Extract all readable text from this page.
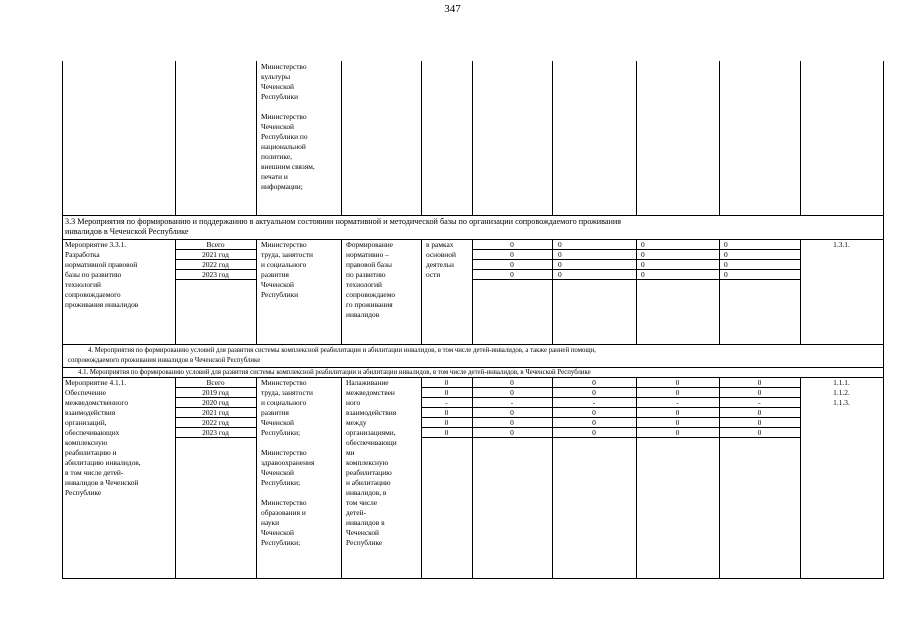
347
Министерство
культуры
Чеченской
Республики
Министерство
Чеченской
Республики по
национальной
политике,
внешним связям,
печати и
информации;
3.3 Мероприятия по формированию и поддержанию в актуальном состоянии нормативной и методической базы по организации сопровождаемого проживания
инвалидов в Чеченской Республике
Мероприятие 3.3.1.
Разработка
нормативной правовой
базы по развитию
технологий
сопровождаемого
проживания инвалидов
Всего
2021 год
2022 год
2023 год
Министерство
труда, занятости
и социального
развития
Чеченской
Республики
Формирование
нормативно –
правовой базы
по развитию
технологий
сопровождаемо
го проживания
инвалидов
в рамках
основной
деятельн
ости
0
0
0
0
0
0
0
0
0
0
0
0
0
0
0
0
1.3.1.
4. Мероприятия по формированию условий для развития системы комплексной реабилитации и абилитации инвалидов, в том числе детей-инвалидов, а также ранней помощи,
сопровождаемого проживания инвалидов в Чеченской Республике
4.1. Мероприятия по формированию условий для развития системы комплексной реабилитации и абилитации инвалидов, в том числе детей-инвалидов, в Чеченской Республике
Мероприятие 4.1.1.
Обеспечение
межведомственного
взаимодействия
организаций,
обеспечивающих
комплексную
реабилитацию и
абилитацию инвалидов,
в том числе детей-
инвалидов в Чеченской
Республике
Всего
2019 год
2020 год
2021 год
2022 год
2023 год
Министерство
труда, занятости
и социального
развития
Чеченской
Республики;
Министерство
здравоохранения
Чеченской
Республики;
Министерство
образования и
науки
Чеченской
Республики;
Налаживание
межведомствен
ного
взаимодействия
между
организациями,
обеспечивающи
ми
комплексную
реабилитацию
и абилитацию
инвалидов, в
том числе
детей-
инвалидов в
Чеченской
Республике
0
0
-
0
0
0
0
0
-
0
0
0
0
0
-
0
0
0
0
0
-
0
0
0
0
0
-
0
0
0
1.1.1.
1.1.2.
1.1.3.
